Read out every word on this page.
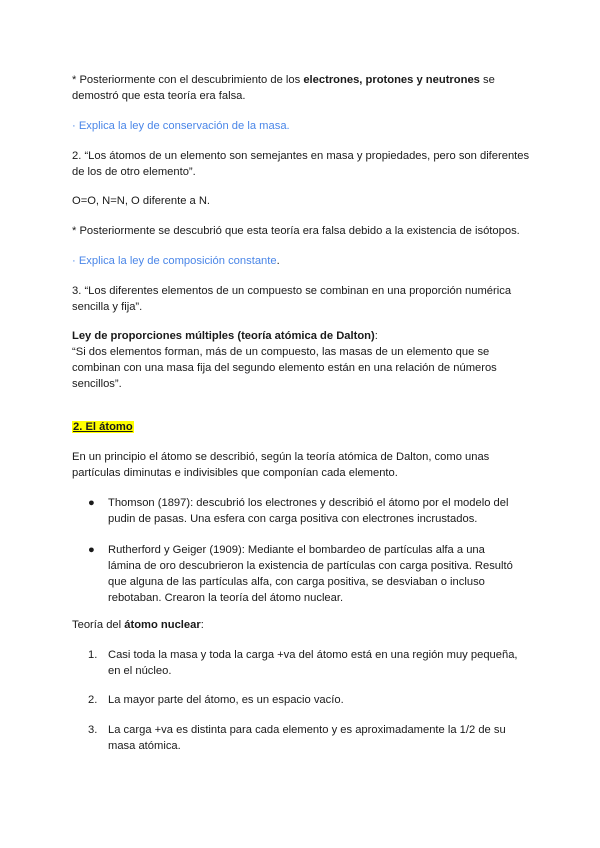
* Posteriormente con el descubrimiento de los electrones, protones y neutrones se demostró que esta teoría era falsa.

· Explica la ley de conservación de la masa.

2. “Los átomos de un elemento son semejantes en masa y propiedades, pero son diferentes de los de otro elemento”.

O=O, N=N, O diferente a N.

* Posteriormente se descubrió que esta teoría era falsa debido a la existencia de isótopos.

· Explica la ley de composición constante.

3. “Los diferentes elementos de un compuesto se combinan en una proporción numérica sencilla y fija”.

Ley de proporciones múltiples (teoría atómica de Dalton):
“Si dos elementos forman, más de un compuesto, las masas de un elemento que se combinan con una masa fija del segundo elemento están en una relación de números sencillos”.

2. El átomo

En un principio el átomo se describió, según la teoría atómica de Dalton, como unas partículas diminutas e indivisibles que componían cada elemento.

●	Thomson (1897): descubrió los electrones y describió el átomo por el modelo del pudin de pasas. Una esfera con carga positiva con electrones incrustados.
●	Rutherford y Geiger (1909): Mediante el bombardeo de partículas alfa a una lámina de oro descubrieron la existencia de partículas con carga positiva. Resultó que alguna de las partículas alfa, con carga positiva, se desviaban o incluso rebotaban. Crearon la teoría del átomo nuclear.

Teoría del átomo nuclear:

1. Casi toda la masa y toda la carga +va del átomo está en una región muy pequeña, en el núcleo.
2. La mayor parte del átomo, es un espacio vacío.
3. La carga +va es distinta para cada elemento y es aproximadamente la 1/2 de su masa atómica.
